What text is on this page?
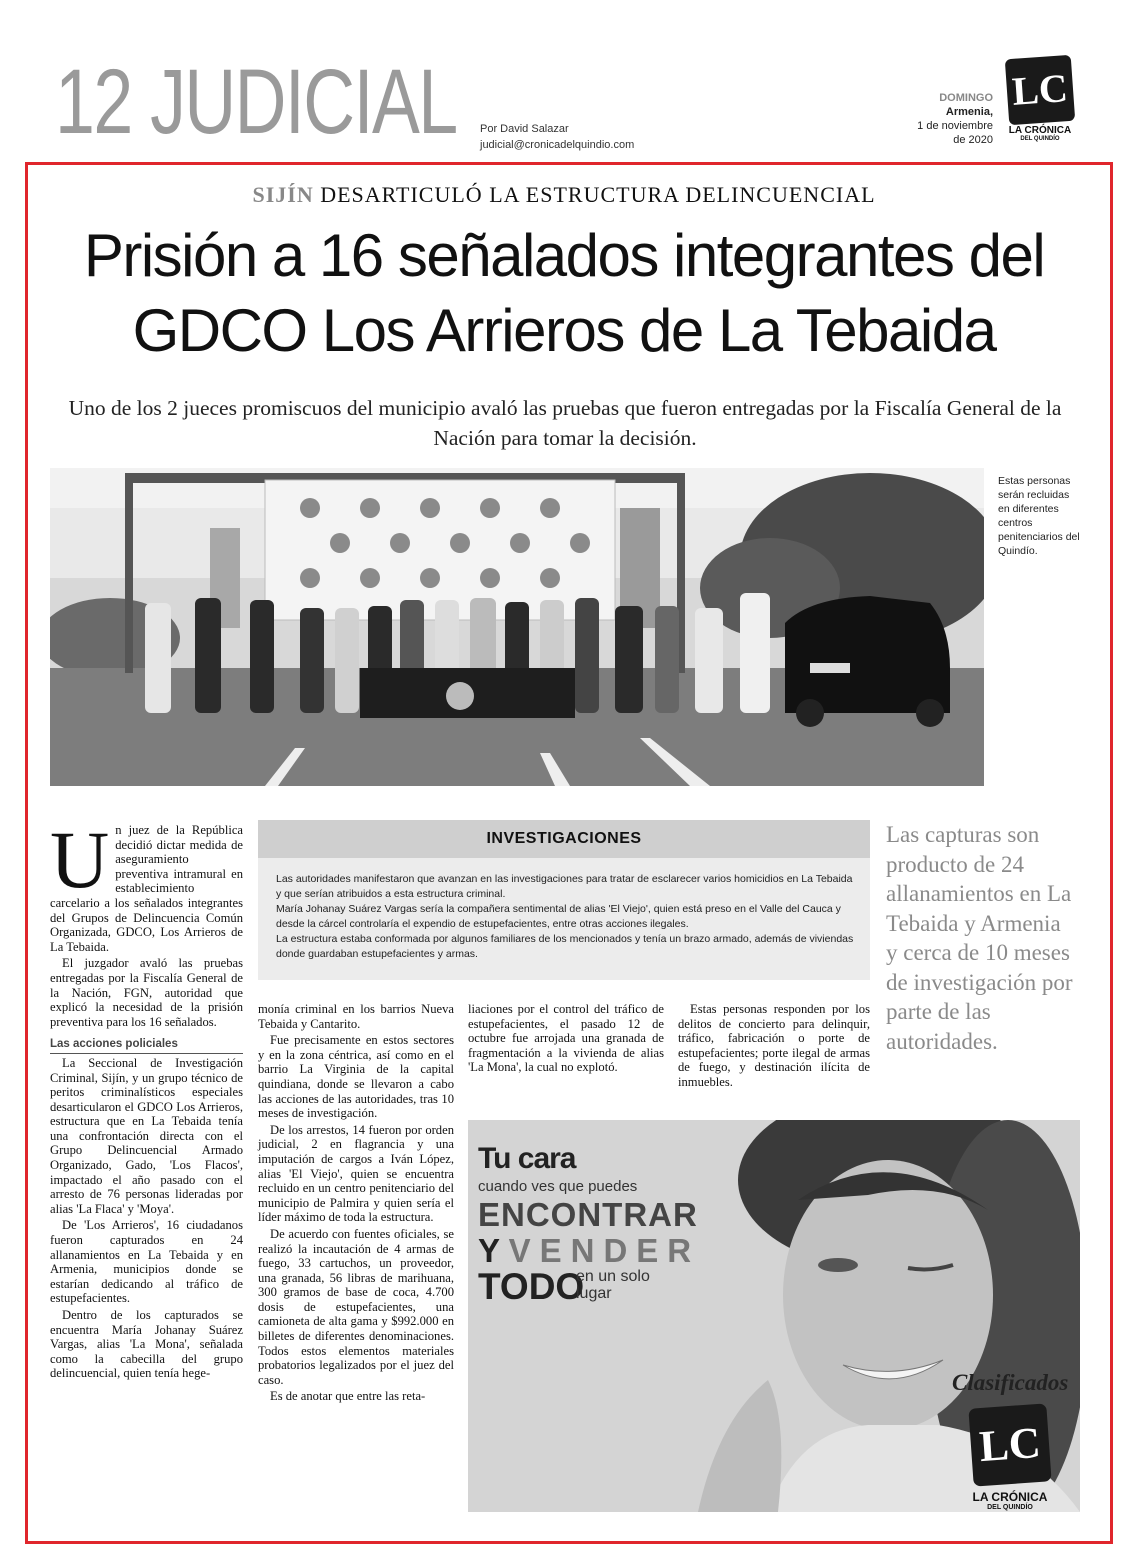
12 JUDICIAL Por David Salazar
judicial@cronicadelquindio.com
DOMINGO
Armenia,
1 de noviembre
de 2020
LC
LA CRÓNICA
DEL QUINDÍO
SIJÍN DESARTICULÓ LA ESTRUCTURA DELINCUENCIAL
Prisión a 16 señalados integrantes del
GDCO Los Arrieros de La Tebaida
Uno de los 2 jueces promiscuos del municipio avaló las pruebas que fueron entregadas por la Fiscalía General de la Nación para tomar la decisión.
Estas personas serán recluidas en diferentes centros penitenciarios del Quindío.

Un juez de la República decidió dictar medida de aseguramiento preventiva intramural en establecimiento carcelario a los señalados integrantes del Grupos de Delincuencia Común Organizada, GDCO, Los Arrieros de La Tebaida.

El juzgador avaló las pruebas entregadas por la Fiscalía General de la Nación, FGN, autoridad que explicó la necesidad de la prisión preventiva para los 16 señalados.

Las acciones policiales

La Seccional de Investigación Criminal, Sijín, y un grupo técnico de peritos criminalísticos especiales desarticularon el GDCO Los Arrieros, estructura que en La Tebaida tenía una confrontación directa con el Grupo Delincuencial Armado Organizado, Gado, 'Los Flacos', impactado el año pasado con el arresto de 76 personas lideradas por alias 'La Flaca' y 'Moya'.

De 'Los Arrieros', 16 ciudadanos fueron capturados en 24 allanamientos en La Tebaida y en Armenia, municipios donde se estarían dedicando al tráfico de estupefacientes.

Dentro de los capturados se encuentra María Johanay Suárez Vargas, alias 'La Mona', señalada como la cabecilla del grupo delincuencial, quien tenía hege-

INVESTIGACIONES
Las autoridades manifestaron que avanzan en las investigaciones para tratar de esclarecer varios homicidios en La Tebaida y que serían atribuidos a esta estructura criminal.
María Johanay Suárez Vargas sería la compañera sentimental de alias 'El Viejo', quien está preso en el Valle del Cauca y desde la cárcel controlaría el expendio de estupefacientes, entre otras acciones ilegales.
La estructura estaba conformada por algunos familiares de los mencionados y tenía un brazo armado, además de viviendas donde guardaban estupefacientes y armas.
Las capturas son producto de 24 allanamientos en La Tebaida y Armenia y cerca de 10 meses de investigación por parte de las autoridades.

monía criminal en los barrios Nueva Tebaida y Cantarito.

Fue precisamente en estos sectores y en la zona céntrica, así como en el barrio La Virginia de la capital quindiana, donde se llevaron a cabo las acciones de las autoridades, tras 10 meses de investigación.

De los arrestos, 14 fueron por orden judicial, 2 en flagrancia y una imputación de cargos a Iván López, alias 'El Viejo', quien se encuentra recluido en un centro penitenciario del municipio de Palmira y quien sería el líder máximo de toda la estructura.

De acuerdo con fuentes oficiales, se realizó la incautación de 4 armas de fuego, 33 cartuchos, un proveedor, una granada, 56 libras de marihuana, 300 gramos de base de coca, 4.700 dosis de estupefacientes, una camioneta de alta gama y $992.000 en billetes de diferentes denominaciones. Todos estos elementos materiales probatorios legalizados por el juez del caso.

Es de anotar que entre las reta-

liaciones por el control del tráfico de estupefacientes, el pasado 12 de octubre fue arrojada una granada de fragmentación a la vivienda de alias 'La Mona', la cual no explotó.

Estas personas responden por los delitos de concierto para delinquir, tráfico, fabricación o porte de estupefacientes; porte ilegal de armas de fuego, y destinación ilícita de inmuebles.

Tu cara
cuando ves que puedes
ENCONTRAR
Y VENDER
TODO
en un solo
lugar
Clasificados
LC
LA CRÓNICA
DEL QUINDÍO
